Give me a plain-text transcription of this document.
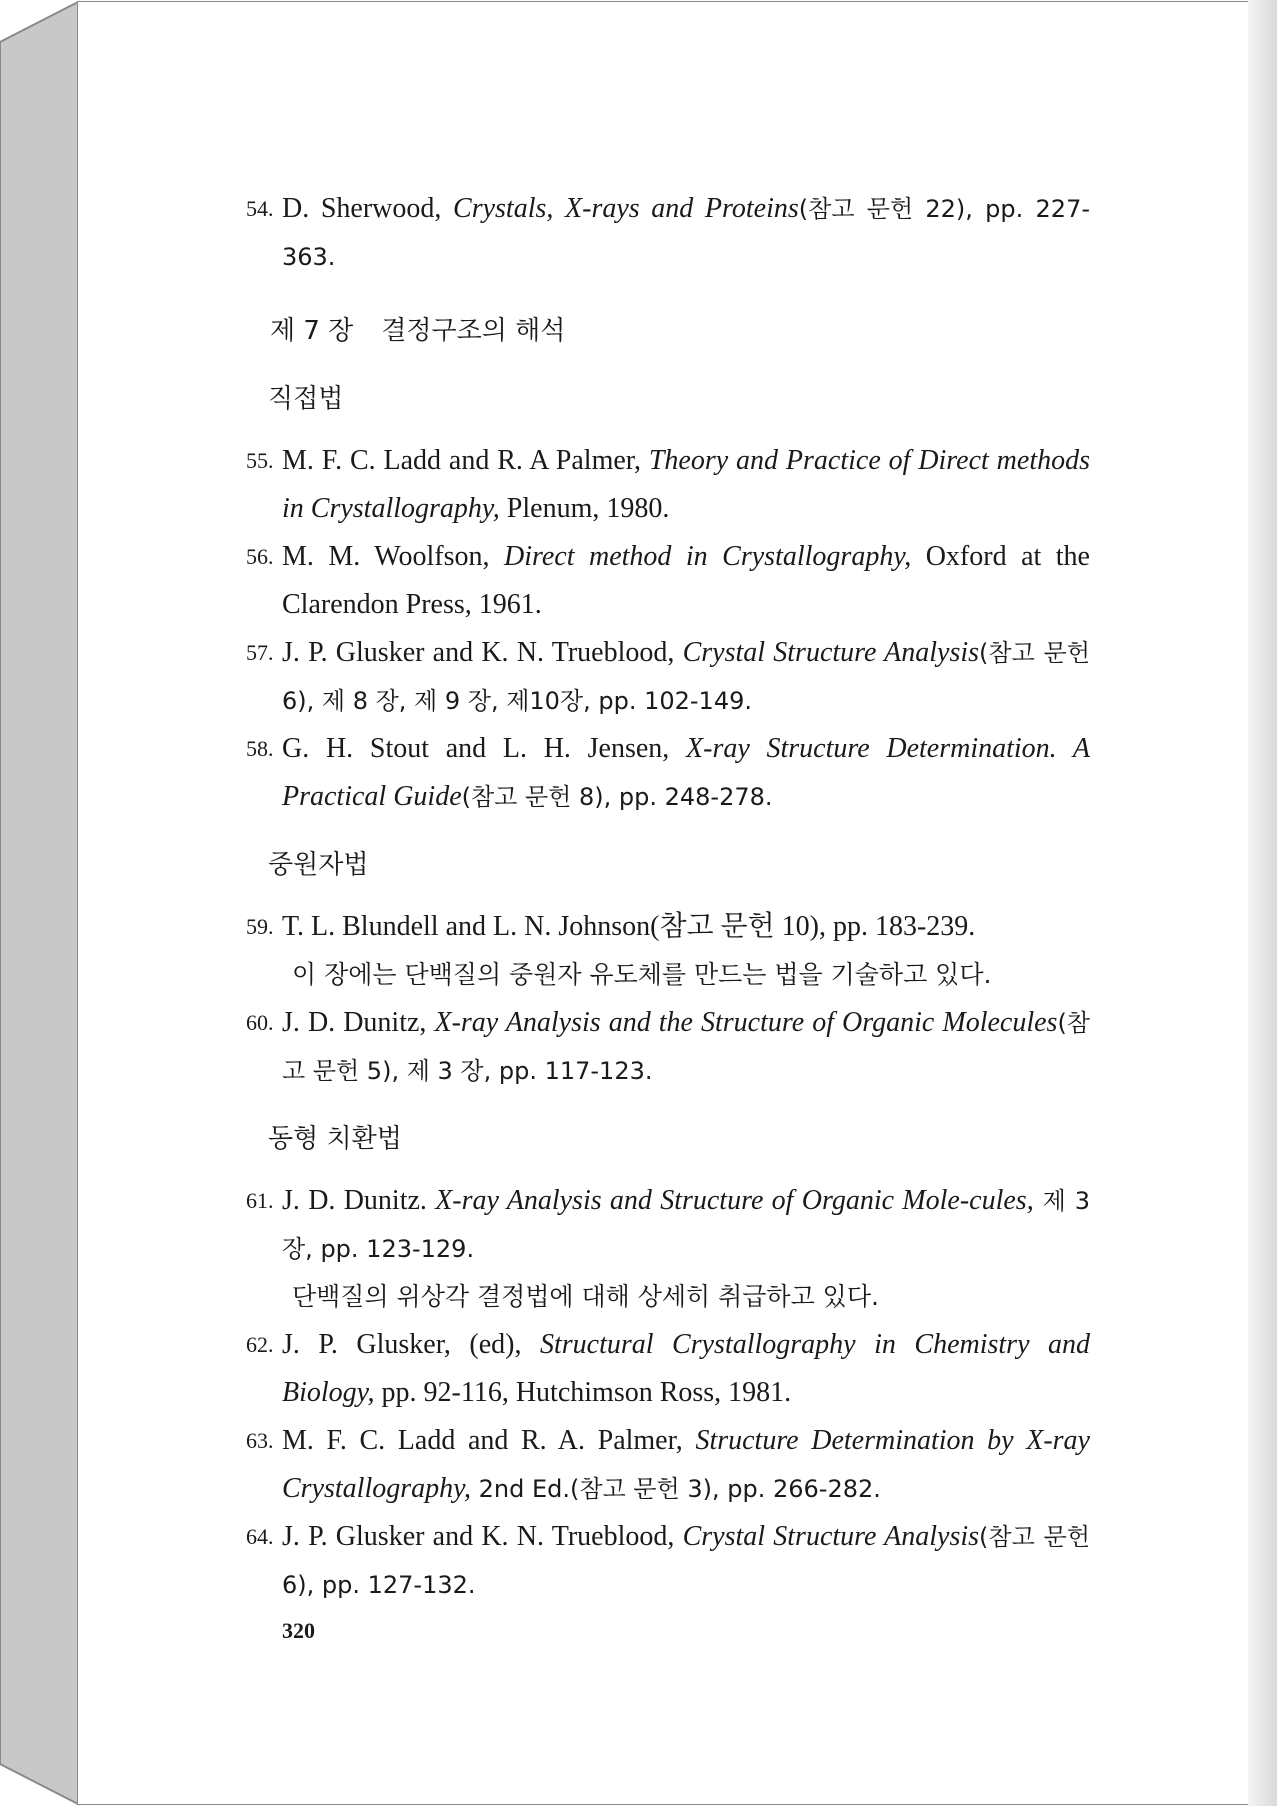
54. D. Sherwood, Crystals, X-rays and Proteins(참고 문헌 22), pp. 227-363.
제 7 장 결정구조의 해석
직접법
55. M. F. C. Ladd and R. A Palmer, Theory and Practice of Direct methods in Crystallography, Plenum, 1980.
56. M. M. Woolfson, Direct method in Crystallography, Oxford at the Clarendon Press, 1961.
57. J. P. Glusker and K. N. Trueblood, Crystal Structure Analysis(참고 문헌 6), 제 8 장, 제 9 장, 제10장, pp. 102-149.
58. G. H. Stout and L. H. Jensen, X-ray Structure Determination. A Practical Guide(참고 문헌 8), pp. 248-278.
중원자법
59. T. L. Blundell and L. N. Johnson(참고 문헌 10), pp. 183-239.
이 장에는 단백질의 중원자 유도체를 만드는 법을 기술하고 있다.
60. J. D. Dunitz, X-ray Analysis and the Structure of Organic Molecules(참고 문헌 5), 제 3 장, pp. 117-123.
동형 치환법
61. J. D. Dunitz. X-ray Analysis and Structure of Organic Mole-cules, 제 3 장, pp. 123-129.
단백질의 위상각 결정법에 대해 상세히 취급하고 있다.
62. J. P. Glusker, (ed), Structural Crystallography in Chemistry and Biology, pp. 92-116, Hutchimson Ross, 1981.
63. M. F. C. Ladd and R. A. Palmer, Structure Determination by X-ray Crystallography, 2nd Ed.(참고 문헌 3), pp. 266-282.
64. J. P. Glusker and K. N. Trueblood, Crystal Structure Analysis(참고 문헌 6), pp. 127-132.
320
